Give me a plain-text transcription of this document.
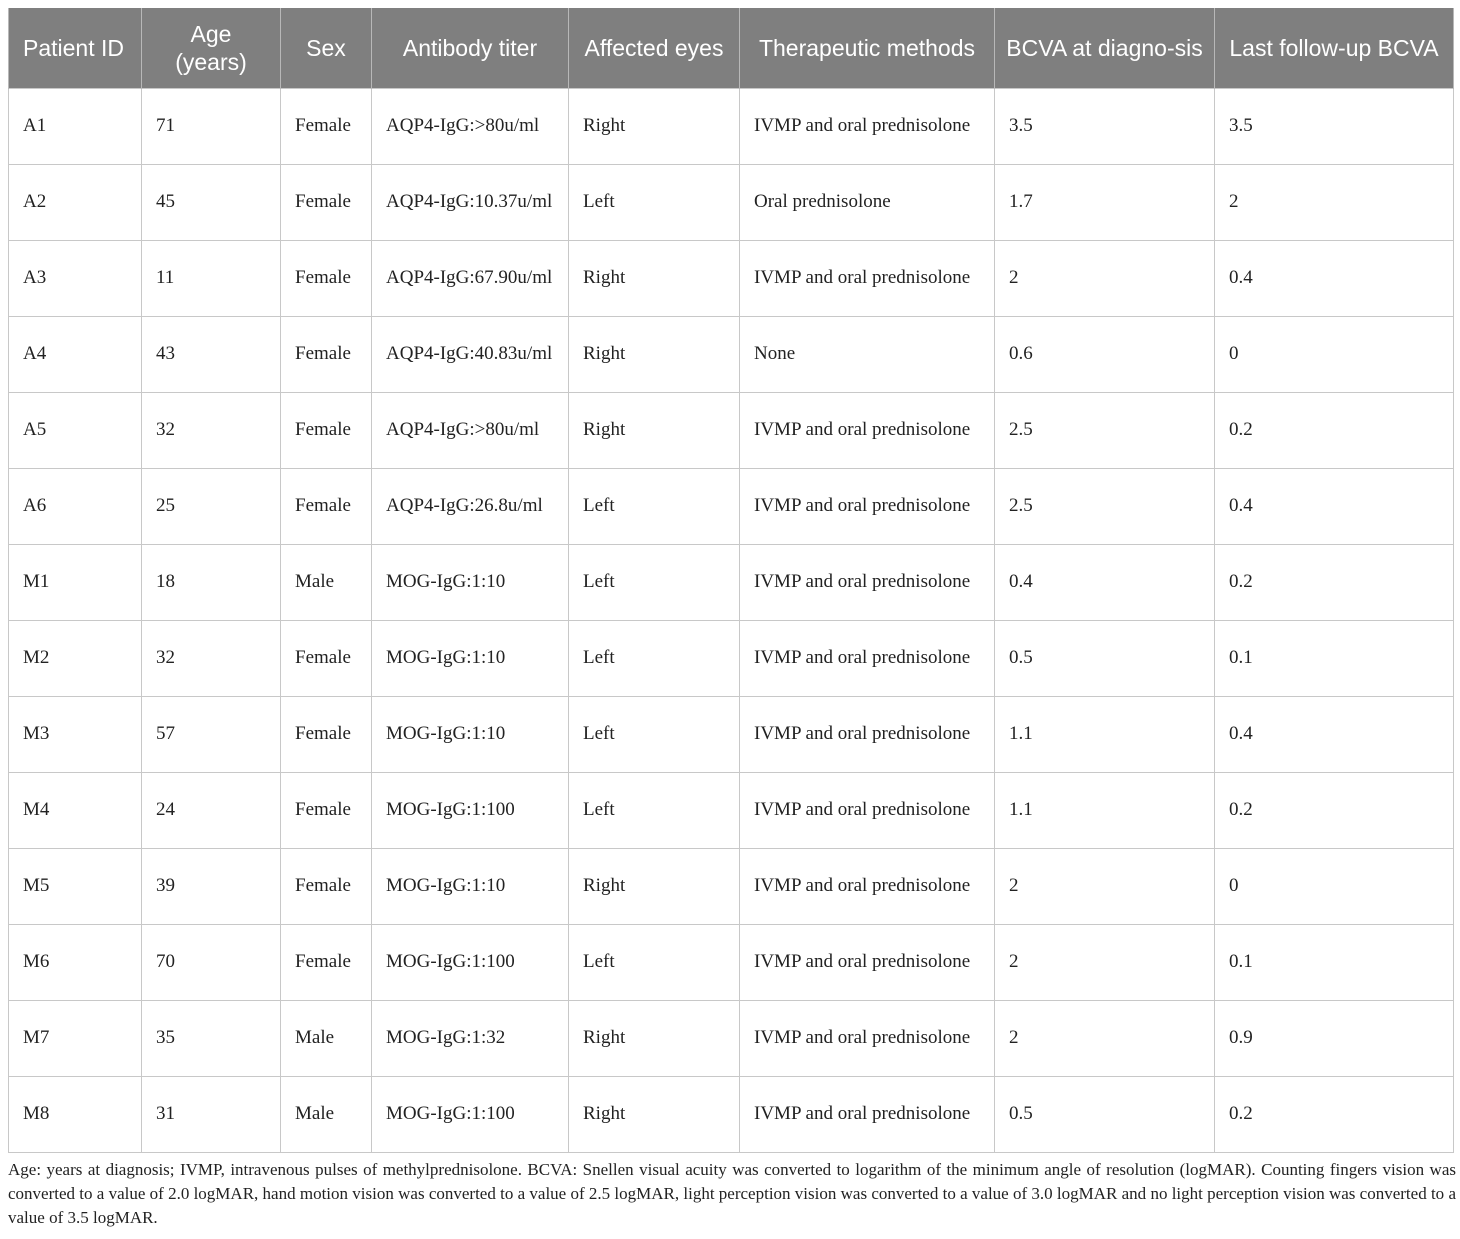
Patient ID	Age (years)	Sex	Antibody titer	Affected eyes	Therapeutic methods	BCVA at diagno-sis	Last follow-up BCVA
A1	71	Female	AQP4-IgG:>80u/ml	Right	IVMP and oral prednisolone	3.5	3.5
A2	45	Female	AQP4-IgG:10.37u/ml	Left	Oral prednisolone	1.7	2
A3	11	Female	AQP4-IgG:67.90u/ml	Right	IVMP and oral prednisolone	2	0.4
A4	43	Female	AQP4-IgG:40.83u/ml	Right	None	0.6	0
A5	32	Female	AQP4-IgG:>80u/ml	Right	IVMP and oral prednisolone	2.5	0.2
A6	25	Female	AQP4-IgG:26.8u/ml	Left	IVMP and oral prednisolone	2.5	0.4
M1	18	Male	MOG-IgG:1:10	Left	IVMP and oral prednisolone	0.4	0.2
M2	32	Female	MOG-IgG:1:10	Left	IVMP and oral prednisolone	0.5	0.1
M3	57	Female	MOG-IgG:1:10	Left	IVMP and oral prednisolone	1.1	0.4
M4	24	Female	MOG-IgG:1:100	Left	IVMP and oral prednisolone	1.1	0.2
M5	39	Female	MOG-IgG:1:10	Right	IVMP and oral prednisolone	2	0
M6	70	Female	MOG-IgG:1:100	Left	IVMP and oral prednisolone	2	0.1
M7	35	Male	MOG-IgG:1:32	Right	IVMP and oral prednisolone	2	0.9
M8	31	Male	MOG-IgG:1:100	Right	IVMP and oral prednisolone	0.5	0.2
Age: years at diagnosis; IVMP, intravenous pulses of methylprednisolone. BCVA: Snellen visual acuity was converted to logarithm of the minimum angle of resolution (logMAR). Counting fingers vision was converted to a value of 2.0 logMAR, hand motion vision was converted to a value of 2.5 logMAR, light perception vision was converted to a value of 3.0 logMAR and no light perception vision was converted to a value of 3.5 logMAR.
